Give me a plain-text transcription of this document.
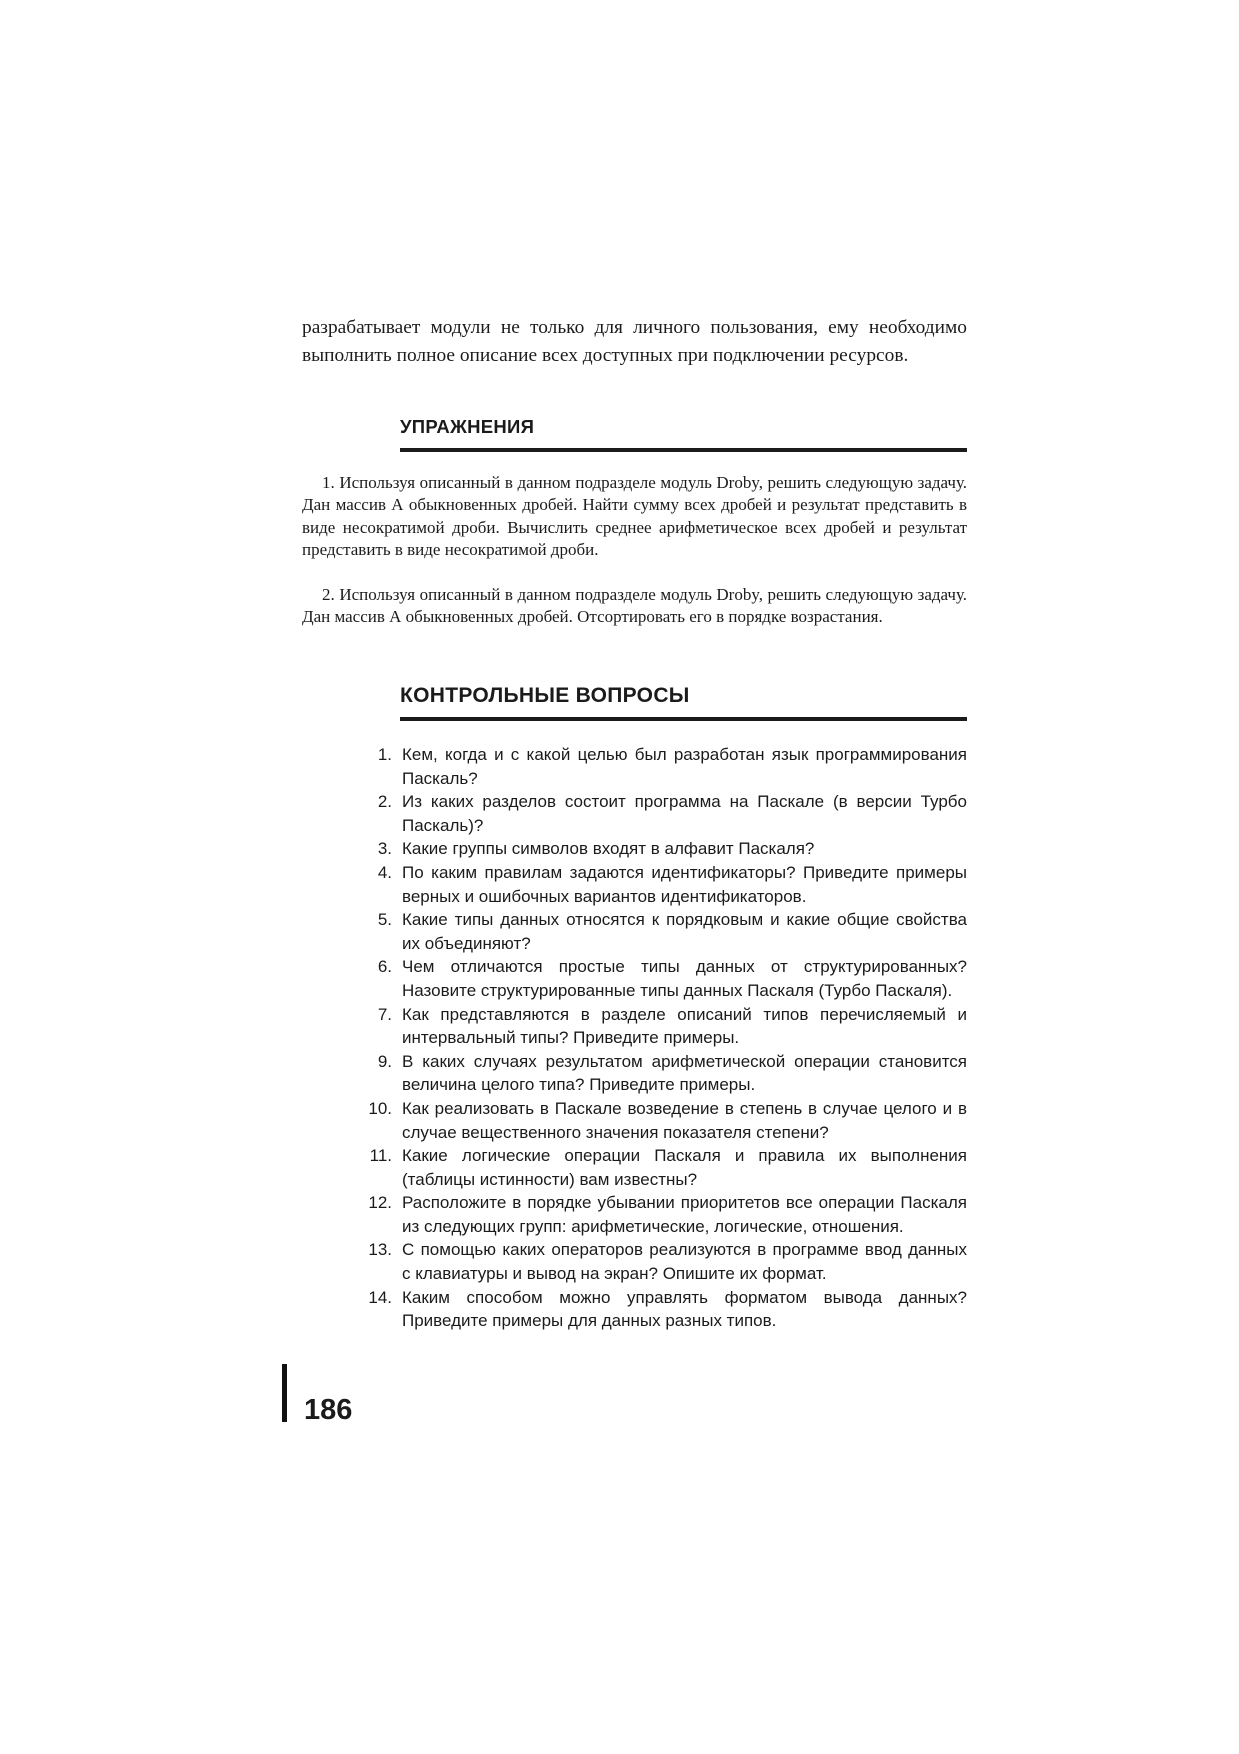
разрабатывает модули не только для личного пользования, ему необходимо выполнить полное описание всех доступных при подключении ресурсов.

УПРАЖНЕНИЯ

1. Используя описанный в данном подразделе модуль Droby, решить следующую задачу. Дан массив А обыкновенных дробей. Найти сумму всех дробей и результат представить в виде несократимой дроби. Вычислить среднее арифметическое всех дробей и результат представить в виде несократимой дроби.

2. Используя описанный в данном подразделе модуль Droby, решить следующую задачу. Дан массив А обыкновенных дробей. Отсортировать его в порядке возрастания.

КОНТРОЛЬНЫЕ ВОПРОСЫ
1. Кем, когда и с какой целью был разработан язык программирования Паскаль?
2. Из каких разделов состоит программа на Паскале (в версии Турбо Паскаль)?
3. Какие группы символов входят в алфавит Паскаля?
4. По каким правилам задаются идентификаторы? Приведите примеры верных и ошибочных вариантов идентификаторов.
5. Какие типы данных относятся к порядковым и какие общие свойства их объединяют?
6. Чем отличаются простые типы данных от структурированных? Назовите структурированные типы данных Паскаля (Турбо Паскаля).
7. Как представляются в разделе описаний типов перечисляемый и интервальный типы? Приведите примеры.
9. В каких случаях результатом арифметической операции становится величина целого типа? Приведите примеры.
10. Как реализовать в Паскале возведение в степень в случае целого и в случае вещественного значения показателя степени?
11. Какие логические операции Паскаля и правила их выполнения (таблицы истинности) вам известны?
12. Расположите в порядке убывании приоритетов все операции Паскаля из следующих групп: арифметические, логические, отношения.
13. С помощью каких операторов реализуются в программе ввод данных с клавиатуры и вывод на экран? Опишите их формат.
14. Каким способом можно управлять форматом вывода данных? Приведите примеры для данных разных типов.

186
